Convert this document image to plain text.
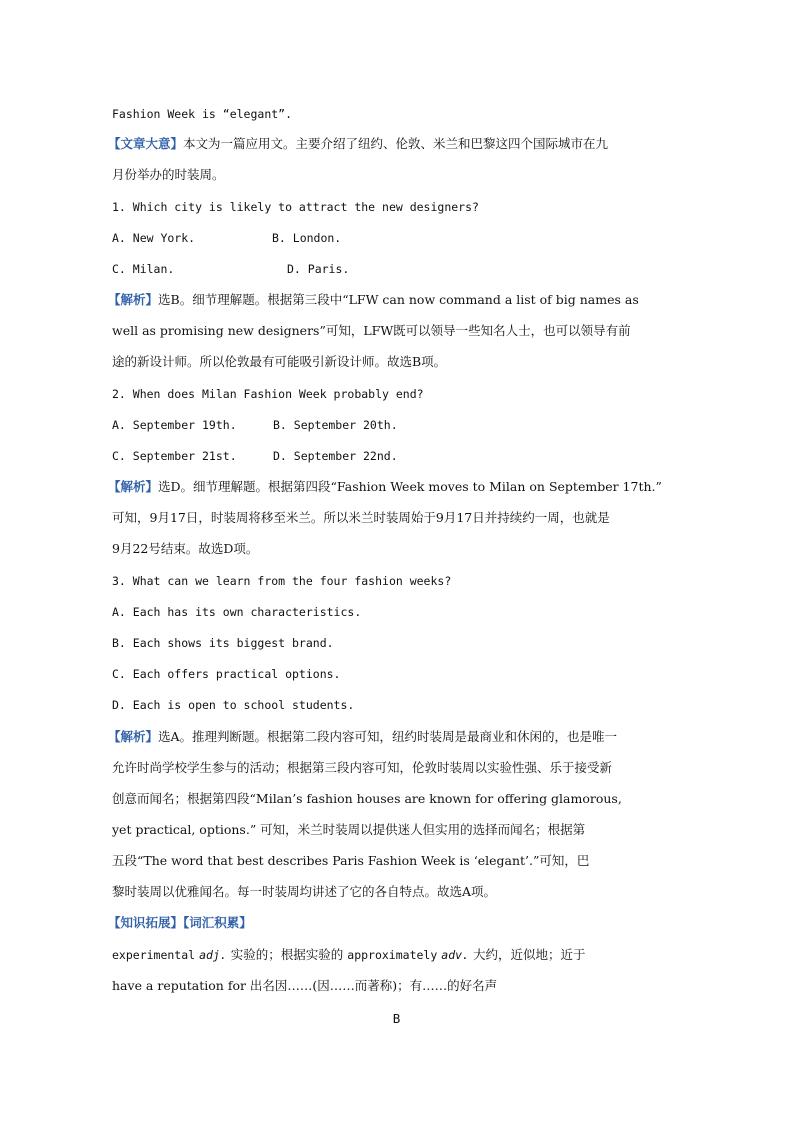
Fashion Week is “elegant”.
【文章大意】本文为一篇应用文。主要介绍了纽约、伦敦、米兰和巴黎这四个国际城市在九
月份举办的时装周。
1. Which city is likely to attract the new designers?
A. New York.	B. London.
C. Milan.	D. Paris.
【解析】选B。细节理解题。根据第三段中“LFW can now command a list of big names as
well as promising new designers”可知，LFW既可以领导一些知名人士，也可以领导有前
途的新设计师。所以伦敦最有可能吸引新设计师。故选B项。
2. When does Milan Fashion Week probably end?
A. September 19th.	B. September 20th.
C. September 21st.	D. September 22nd.
【解析】选D。细节理解题。根据第四段“Fashion Week moves to Milan on September 17th.”
可知，9月17日，时装周将移至米兰。所以米兰时装周始于9月17日并持续约一周，也就是
9月22号结束。故选D项。
3. What can we learn from the four fashion weeks?
A. Each has its own characteristics.
B. Each shows its biggest brand.
C. Each offers practical options.
D. Each is open to school students.
【解析】选A。推理判断题。根据第二段内容可知，纽约时装周是最商业和休闲的，也是唯一
允许时尚学校学生参与的活动；根据第三段内容可知，伦敦时装周以实验性强、乐于接受新
创意而闻名；根据第四段“Milan’s fashion houses are known for offering glamorous,
yet practical, options.” 可知，米兰时装周以提供迷人但实用的选择而闻名；根据第
五段“The word that best describes Paris Fashion Week is ‘elegant’.”可知，巴
黎时装周以优雅闻名。每一时装周均讲述了它的各自特点。故选A项。
【知识拓展】【词汇积累】
experimental adj. 实验的；根据实验的 approximately adv. 大约，近似地；近于
have a reputation for 出名因……(因……而著称)；有……的好名声
B
